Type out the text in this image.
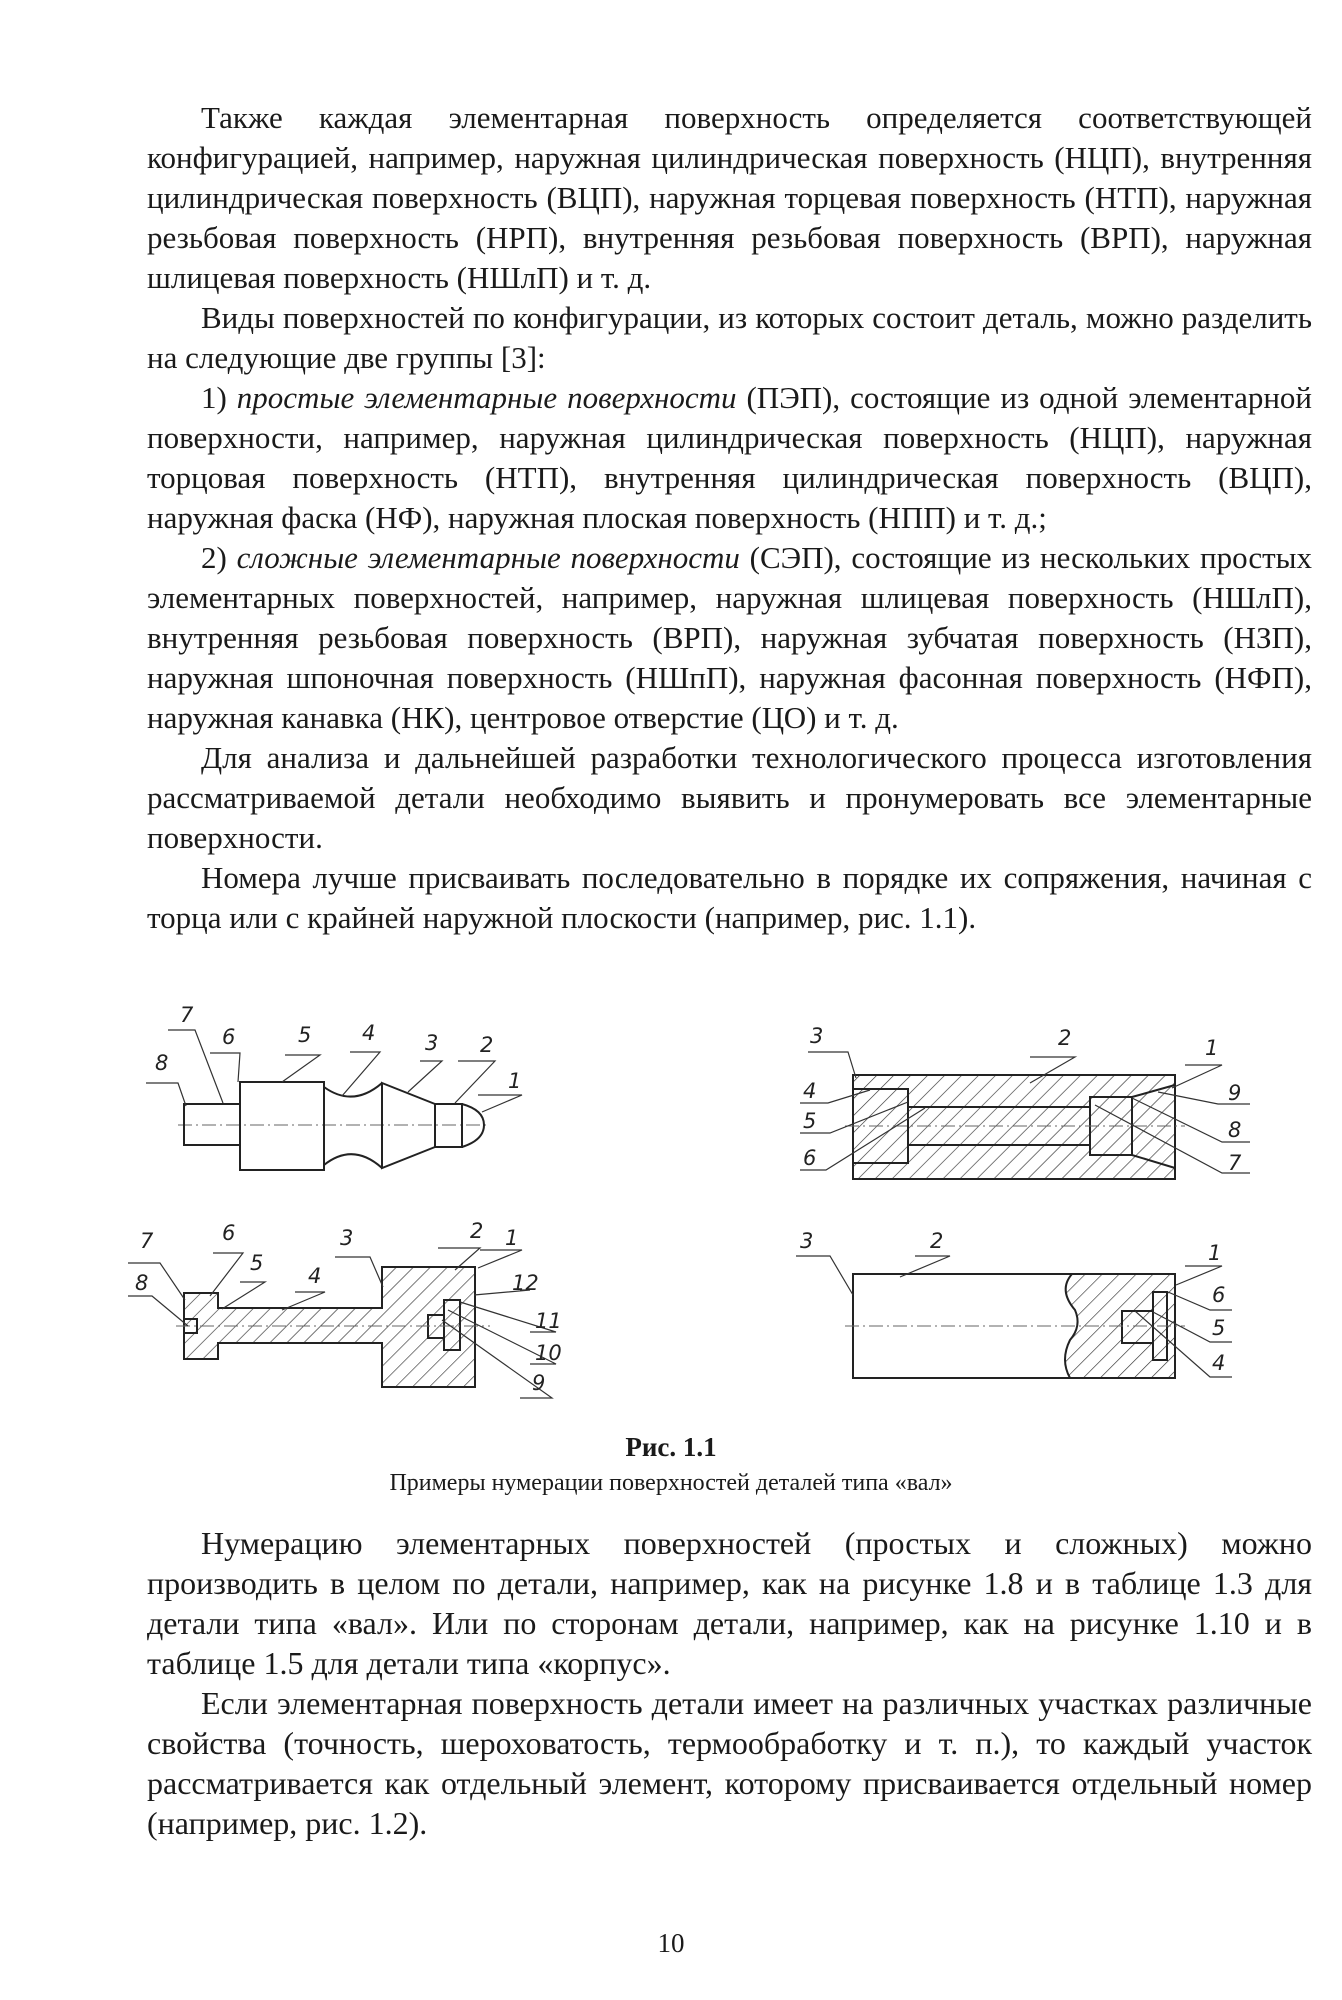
Также каждая элементарная поверхность определяется соответствующей конфигурацией, например, наружная цилиндрическая поверхность (НЦП), внутренняя цилиндрическая поверхность (ВЦП), наружная торцевая поверхность (НТП), наружная резьбовая поверхность (НРП), внутренняя резьбовая поверхность (ВРП), наружная шлицевая поверхность (НШлП) и т. д.

Виды поверхностей по конфигурации, из которых состоит деталь, можно разделить на следующие две группы [3]:

1) простые элементарные поверхности (ПЭП), состоящие из одной элементарной поверхности, например, наружная цилиндрическая поверхность (НЦП), наружная торцовая поверхность (НТП), внутренняя цилиндрическая поверхность (ВЦП), наружная фаска (НФ), наружная плоская поверхность (НПП) и т. д.;

2) сложные элементарные поверхности (СЭП), состоящие из нескольких простых элементарных поверхностей, например, наружная шлицевая поверхность (НШлП), внутренняя резьбовая поверхность (ВРП), наружная зубчатая поверхность (НЗП), наружная шпоночная поверхность (НШпП), наружная фасонная поверхность (НФП), наружная канавка (НК), центровое отверстие (ЦО) и т. д.

Для анализа и дальнейшей разработки технологического процесса изготовления рассматриваемой детали необходимо выявить и пронумеровать все элементарные поверхности.

Номера лучше присваивать последовательно в порядке их сопряжения, начиная с торца или с крайней наружной плоскости (например, рис. 1.1).

1
2
3
4
5
6
7
8
1
2
3
4
5
6
7
8
9
10
11
12
1
2
3
4
5
6	7
8
9
1
2
3
4
5
6
Рис. 1.1
Примеры нумерации поверхностей деталей типа «вал»

Нумерацию элементарных поверхностей (простых и сложных) можно производить в целом по детали, например, как на рисунке 1.8 и в таблице 1.3 для детали типа «вал». Или по сторонам детали, например, как на рисунке 1.10 и в таблице 1.5 для детали типа «корпус».

Если элементарная поверхность детали имеет на различных участках различные свойства (точность, шероховатость, термообработку и т. п.), то каждый участок рассматривается как отдельный элемент, которому присваивается отдельный номер (например, рис. 1.2).

10
